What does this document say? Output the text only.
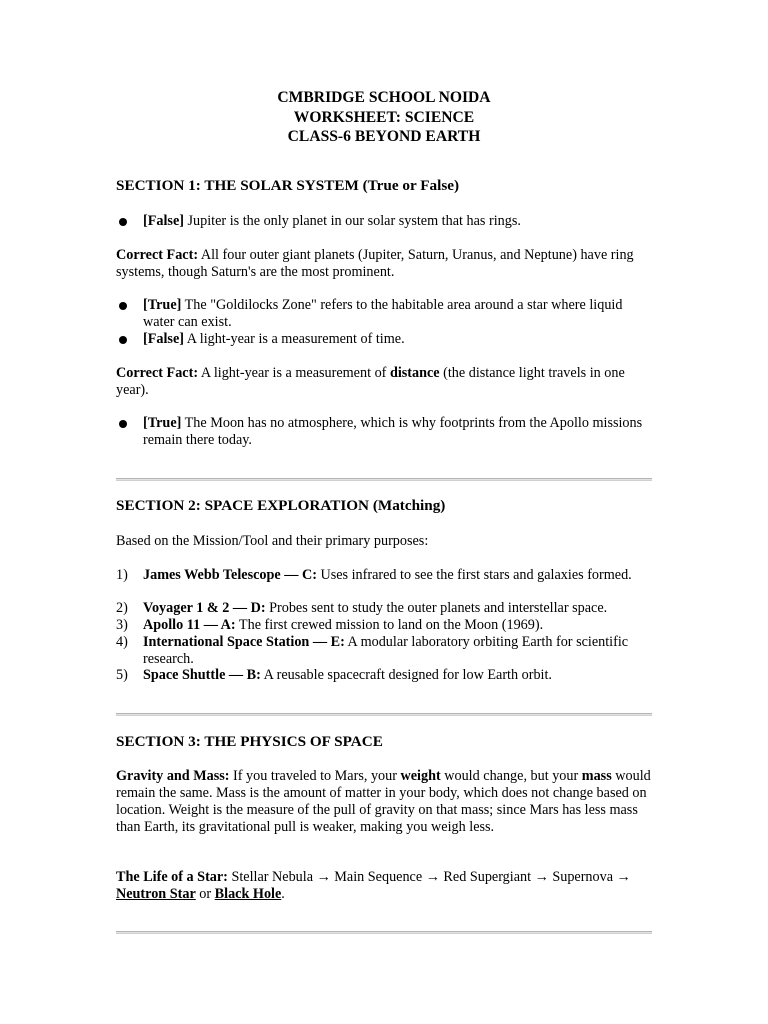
CMBRIDGE SCHOOL NOIDA
WORKSHEET: SCIENCE
CLASS-6 BEYOND EARTH
SECTION 1: THE SOLAR SYSTEM (True or False)
[False] Jupiter is the only planet in our solar system that has rings.
Correct Fact: All four outer giant planets (Jupiter, Saturn, Uranus, and Neptune) have ring systems, though Saturn's are the most prominent.
[True] The "Goldilocks Zone" refers to the habitable area around a star where liquid water can exist.
[False] A light-year is a measurement of time.
Correct Fact: A light-year is a measurement of distance (the distance light travels in one year).
[True] The Moon has no atmosphere, which is why footprints from the Apollo missions remain there today.
SECTION 2: SPACE EXPLORATION (Matching)
Based on the Mission/Tool and their primary purposes:
1) James Webb Telescope — C: Uses infrared to see the first stars and galaxies formed.
2) Voyager 1 & 2 — D: Probes sent to study the outer planets and interstellar space.
3) Apollo 11 — A: The first crewed mission to land on the Moon (1969).
4) International Space Station — E: A modular laboratory orbiting Earth for scientific research.
5) Space Shuttle — B: A reusable spacecraft designed for low Earth orbit.
SECTION 3: THE PHYSICS OF SPACE
Gravity and Mass: If you traveled to Mars, your weight would change, but your mass would remain the same. Mass is the amount of matter in your body, which does not change based on location. Weight is the measure of the pull of gravity on that mass; since Mars has less mass than Earth, its gravitational pull is weaker, making you weigh less.
The Life of a Star: Stellar Nebula → Main Sequence → Red Supergiant → Supernova → Neutron Star or Black Hole.
